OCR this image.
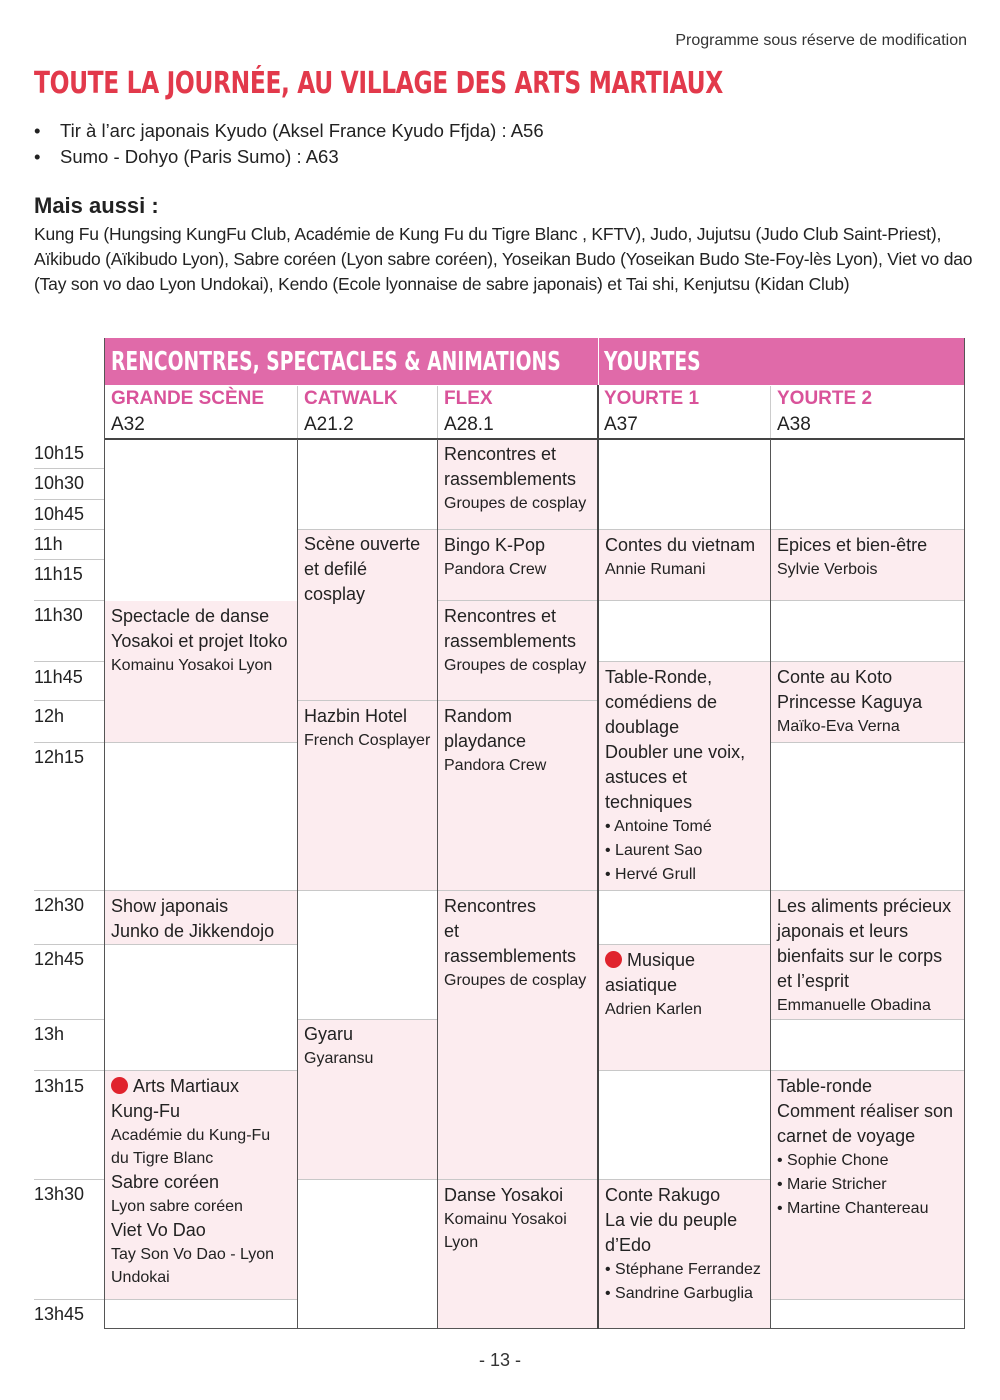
Programme sous réserve de modification
TOUTE LA JOURNÉE, AU VILLAGE DES ARTS MARTIAUX
• Tir à l’arc japonais Kyudo (Aksel France Kyudo Ffjda) : A56
• Sumo - Dohyo (Paris Sumo) : A63
Mais aussi :
Kung Fu (Hungsing KungFu Club, Académie de Kung Fu du Tigre Blanc , KFTV), Judo, Jujutsu (Judo Club Saint-Priest), Aïkibudo (Aïkibudo Lyon), Sabre coréen (Lyon sabre coréen), Yoseikan Budo (Yoseikan Budo Ste-Foy-lès Lyon), Viet vo dao (Tay son vo dao Lyon Undokai), Kendo (Ecole lyonnaise de sabre japonais) et Tai shi, Kenjutsu (Kidan Club)
RENCONTRES, SPECTACLES & ANIMATIONS YOURTES
GRANDE SCÈNE
A32
CATWALK
A21.2
FLEX
A28.1
YOURTE 1
A37
YOURTE 2
A38
Spectacle de danse
Yosakoi et projet Itoko
Komainu Yosakoi Lyon
Show japonais
Junko de Jikkendojo
Arts Martiaux
Kung-Fu
Académie du Kung-Fu du Tigre Blanc
Sabre coréen
Lyon sabre coréen
Viet Vo Dao
Tay Son Vo Dao - Lyon Undokai
Scène ouverte et defilé cosplay
Hazbin Hotel
French Cosplayer
Gyaru
Gyaransu
Rencontres et rassemblements
Groupes de cosplay
Bingo K-Pop
Pandora Crew
Rencontres et rassemblements
Groupes de cosplay
Random playdance
Pandora Crew
Rencontres
et
rassemblements
Groupes de cosplay
Danse Yosakoi
Komainu Yosakoi Lyon
Contes du vietnam
Annie Rumani
Table-Ronde, comédiens de doublage
Doubler une voix, astuces et techniques
• Antoine Tomé
• Laurent Sao
• Hervé Grull
Musique asiatique
Adrien Karlen
Conte Rakugo
La vie du peuple d’Edo
• Stéphane Ferrandez
• Sandrine Garbuglia
Epices et bien-être
Sylvie Verbois
Conte au Koto
Princesse Kaguya
Maïko-Eva Verna
Les aliments précieux japonais et leurs bienfaits sur le corps et l’esprit
Emmanuelle Obadina
Table-ronde
Comment réaliser son carnet de voyage
• Sophie Chone
• Marie Stricher
• Martine Chantereau
10h15
10h30
10h45
11h
11h15
11h30
11h45
12h
12h15
12h30
12h45
13h
13h15
13h30
13h45
- 13 -
